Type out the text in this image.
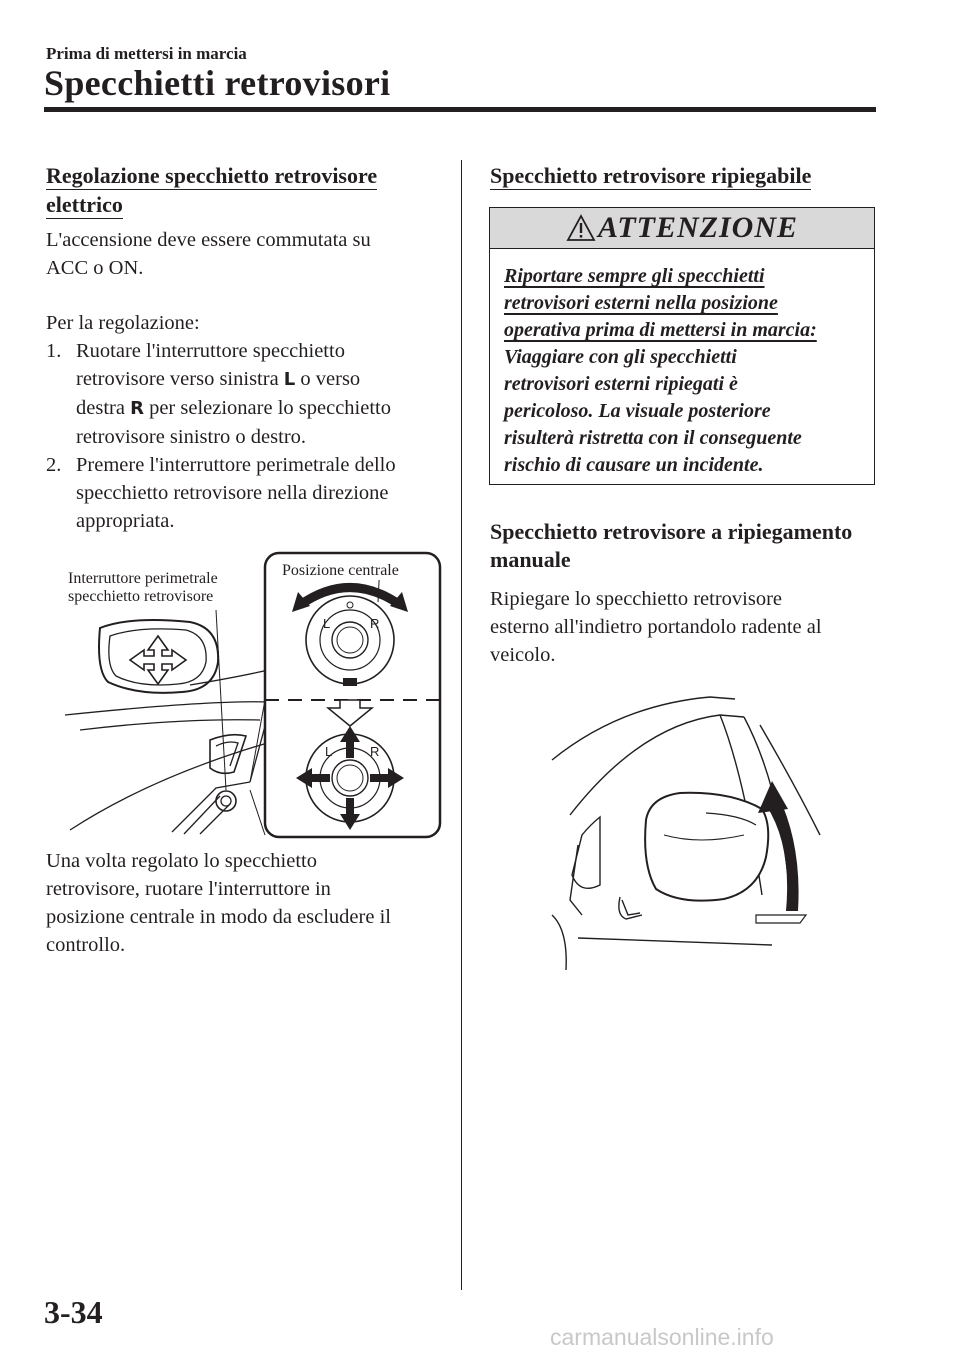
Prima di mettersi in marcia
Specchietti retrovisori
Regolazione specchietto retrovisore
elettrico
L'accensione deve essere commutata su
ACC o ON.
Per la regolazione:
1. Ruotare l'interruttore specchietto
retrovisore verso sinistra L o verso
destra R per selezionare lo specchietto
retrovisore sinistro o destro.
2. Premere l'interruttore perimetrale dello
specchietto retrovisore nella direzione
appropriata.
L	R
L	R
Interruttore perimetrale
specchietto retrovisore
Posizione centrale
Una volta regolato lo specchietto
retrovisore, ruotare l'interruttore in
posizione centrale in modo da escludere il
controllo.
Specchietto retrovisore ripiegabile
ATTENZIONE
Riportare sempre gli specchietti
retrovisori esterni nella posizione
operativa prima di mettersi in marcia:
Viaggiare con gli specchietti
retrovisori esterni ripiegati è
pericoloso. La visuale posteriore
risulterà ristretta con il conseguente
rischio di causare un incidente.
Specchietto retrovisore a ripiegamento
manuale
Ripiegare lo specchietto retrovisore
esterno all'indietro portandolo radente al
veicolo.
3-34
carmanualsonline.info
